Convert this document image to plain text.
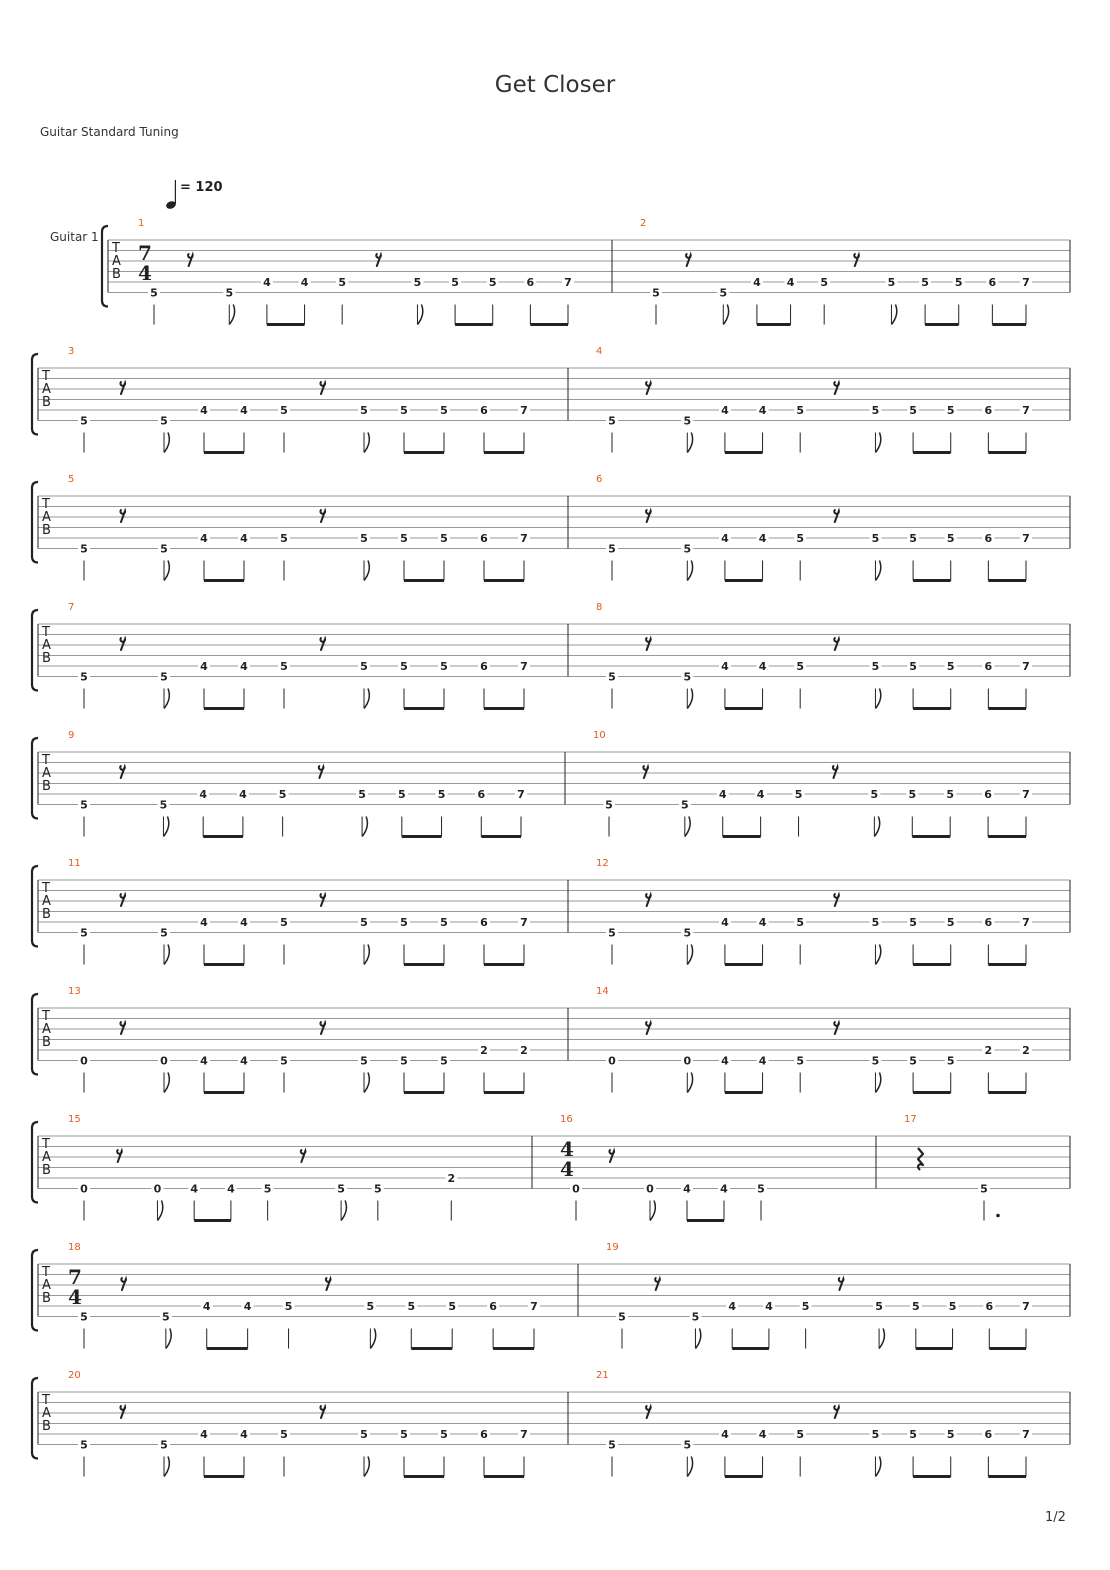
Get Closer
Guitar Standard Tuning
= 120
Guitar 1
1/2
T
A
B
1
7
4
5	5
4	4	5	5	5	5	6	7
2
5	5
4 4 5	5 5 5 6 7
T
A
B
3
5	5
4	4	5	5	5	5	6	7
4
5	5
4	4	5	5	5	5	6	7
T
A
B
5
5	5
4	4	5	5	5	5	6	7
6
5	5
4	4	5	5	5	5	6	7
T
A
B
7
5	5
4	4	5	5	5	5	6	7
8
5	5
4	4	5	5	5	5	6	7
T
A
B
9
5	5
4	4	5	5	5	5	6	7
10
5	5
4	4	5	5	5	5	6	7
T
A
B
11
5	5
4	4	5	5	5	5	6	7
12
5	5
4	4	5	5	5	5	6	7
T
A
B
13
0	0	4	4	5	5	5	5
2	2
14
0	0	4	4	5	5	5	5
2	2
T
A
B
15
0	0	4	4	5	5	5
2
16
4
4
0	0	4	4	5
17
5
T
A
B
18
7
4
5	5
4	4	5	5	5	5	6	7
19
5	5
4	4	5	5	5	5	6	7
T
A
B
20
5	5
4	4	5	5	5	5	6	7
21
5	5
4	4	5	5	5	5	6	7
